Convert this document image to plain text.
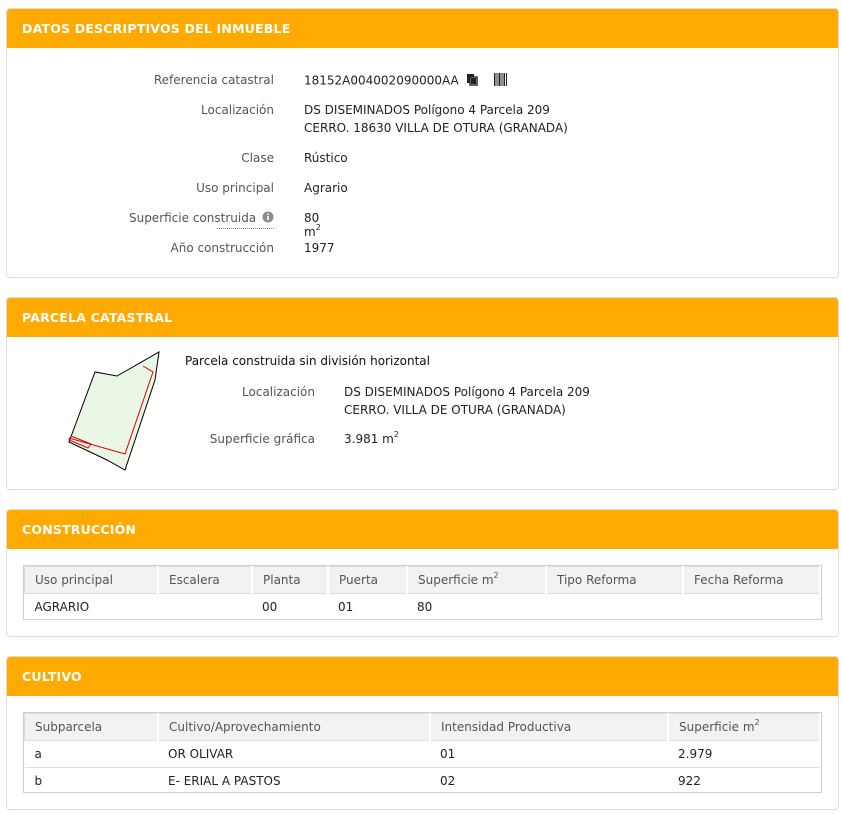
DATOS DESCRIPTIVOS DEL INMUEBLE
Referencia catastral	18152A004002090000AA
Localización	DS DISEMINADOS Polígono 4 Parcela 209
CERRO. 18630 VILLA DE OTURA (GRANADA)
Clase	Rústico
Uso principal	Agrario
Superficie construida	80 $m^2$
Año construcción	1977
PARCELA CATASTRAL
Parcela construida sin división horizontal
Localización DS DISEMINADOS Polígono 4 Parcela 209
CERRO. VILLA DE OTURA (GRANADA)
Superficie gráfica 3.981 $m^2$
CONSTRUCCIÓN
Uso principal	Escalera	Planta	Puerta	Superficie $m^2$	Tipo Reforma	Fecha Reforma
AGRARIO		00	01	80		
CULTIVO
Subparcela	Cultivo/Aprovechamiento	Intensidad Productiva	Superficie $m^2$
a	OR OLIVAR	01	2.979
b	E- ERIAL A PASTOS	02	922
